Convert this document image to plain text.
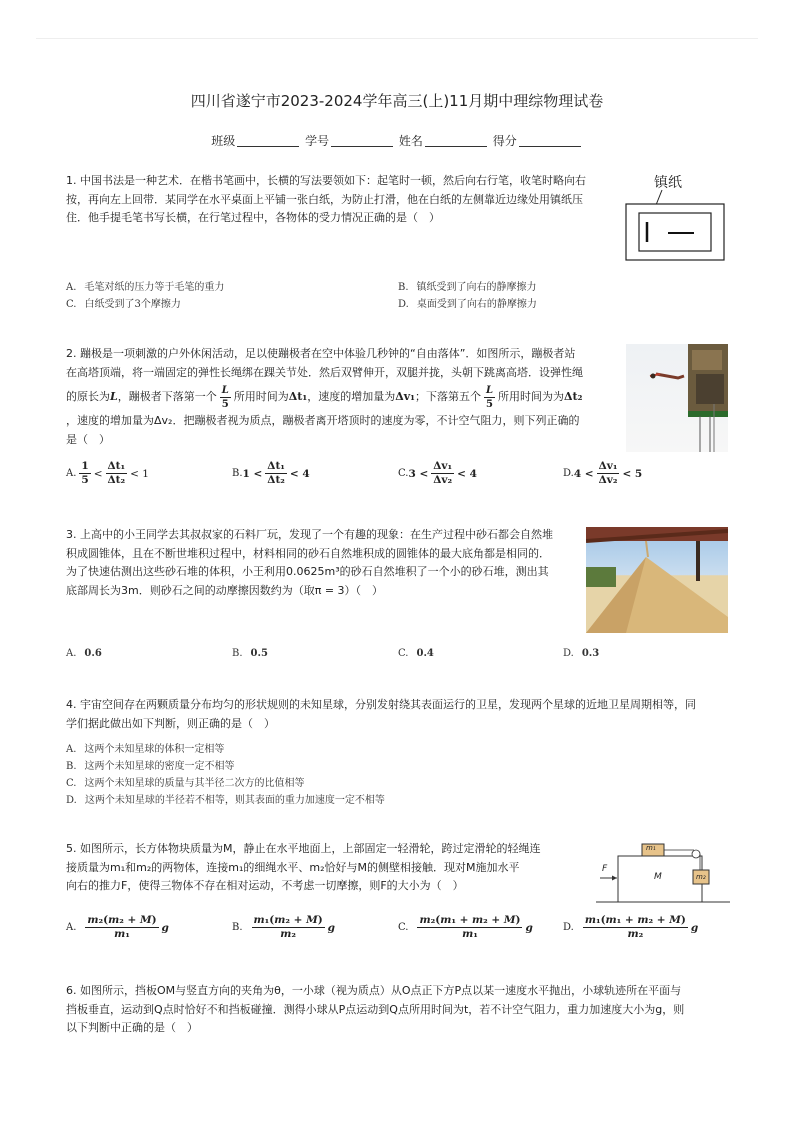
四川省遂宁市2023-2024学年高三(上)11月期中理综物理试卷
班级	学号	姓名	得分
1. 中国书法是一种艺术．在楷书笔画中，长横的写法要领如下：起笔时一顿，然后向右行笔，收笔时略向右
按，再向左上回带．某同学在水平桌面上平铺一张白纸，为防止打滑，他在白纸的左侧靠近边缘处用镇纸压
住．他手提毛笔书写长横，在行笔过程中，各物体的受力情况正确的是（　）
镇纸
A. 毛笔对纸的压力等于毛笔的重力	B. 镇纸受到了向右的静摩擦力
C. 白纸受到了3个摩擦力	D. 桌面受到了向右的静摩擦力
2. 蹦极是一项刺激的户外休闲活动，足以使蹦极者在空中体验几秒钟的“自由落体”．如图所示，蹦极者站
在高塔顶端，将一端固定的弹性长绳绑在踝关节处．然后双臂伸开，双腿并拢，头朝下跳离高塔．设弹性绳
的原长为 L ，蹦极者下落第一个 $\frac{L}{5}$ 所用时间为 Δt₁ ，速度的增加量为 Δv₁ ；下落第五个 $\frac{L}{5}$ 所用时间为为 Δt₂
，速度的增加量为Δv₂．把蹦极者视为质点，蹦极者离开塔顶时的速度为零，不计空气阻力，则下列正确的
是（　）
A. $\frac{1}{5} < \frac{\text{Δt₁}}{\text{Δt₂}} < 1$	B. $1 < \frac{\text{Δt₁}}{\text{Δt₂}} < 4$	C. $3 < \frac{\text{Δv₁}}{\text{Δv₂}} < 4$	D. $4 < \frac{\text{Δv₁}}{\text{Δv₂}} < 5$
3. 上高中的小王同学去其叔叔家的石料厂玩，发现了一个有趣的现象：在生产过程中砂石都会自然堆
积成圆锥体，且在不断世堆积过程中，材料相同的砂石自然堆积成的圆锥体的最大底角都是相同的．
为了快速估测出这些砂石堆的体积，小王利用0.0625m³的砂石自然堆积了一个小的砂石堆，测出其
底部周长为3m．则砂石之间的动摩擦因数约为（取π = 3）（　）
A. 0.6	B. 0.5	C. 0.4	D. 0.3
4. 宇宙空间存在两颗质量分布均匀的形状规则的未知星球，分别发射绕其表面运行的卫星，发现两个星球的近地卫星周期相等，同
学们据此做出如下判断，则正确的是（　）
A. 这两个未知星球的体积一定相等
B. 这两个未知星球的密度一定不相等
C. 这两个未知星球的质量与其半径二次方的比值相等
D. 这两个未知星球的半径若不相等，则其表面的重力加速度一定不相等
5. 如图所示，长方体物块质量为M，静止在水平地面上，上部固定一轻滑轮，跨过定滑轮的轻绳连
接质量为m₁和m₂的两物体，连接m₁的细绳水平、m₂恰好与M的侧壁相接触．现对M施加水平
向右的推力F，使得三物体不存在相对运动，不考虑一切摩擦，则F的大小为（　）
m₁
m₂
M
F
A. $\frac{\text{m₂(m₂ + M)}}{\text{m₁}}$ g	B. $\frac{\text{m₁(m₂ + M)}}{\text{m₂}}$ g	C. $\frac{\text{m₂(m₁ + m₂ + M)}}{\text{m₁}}$ g	D. $\frac{\text{m₁(m₁ + m₂ + M)}}{\text{m₂}}$ g
6. 如图所示，挡板OM与竖直方向的夹角为θ，一小球（视为质点）从O点正下方P点以某一速度水平抛出，小球轨迹所在平面与
挡板垂直，运动到Q点时恰好不和挡板碰撞．测得小球从P点运动到Q点所用时间为t，若不计空气阻力，重力加速度大小为g，则
以下判断中正确的是（　）
